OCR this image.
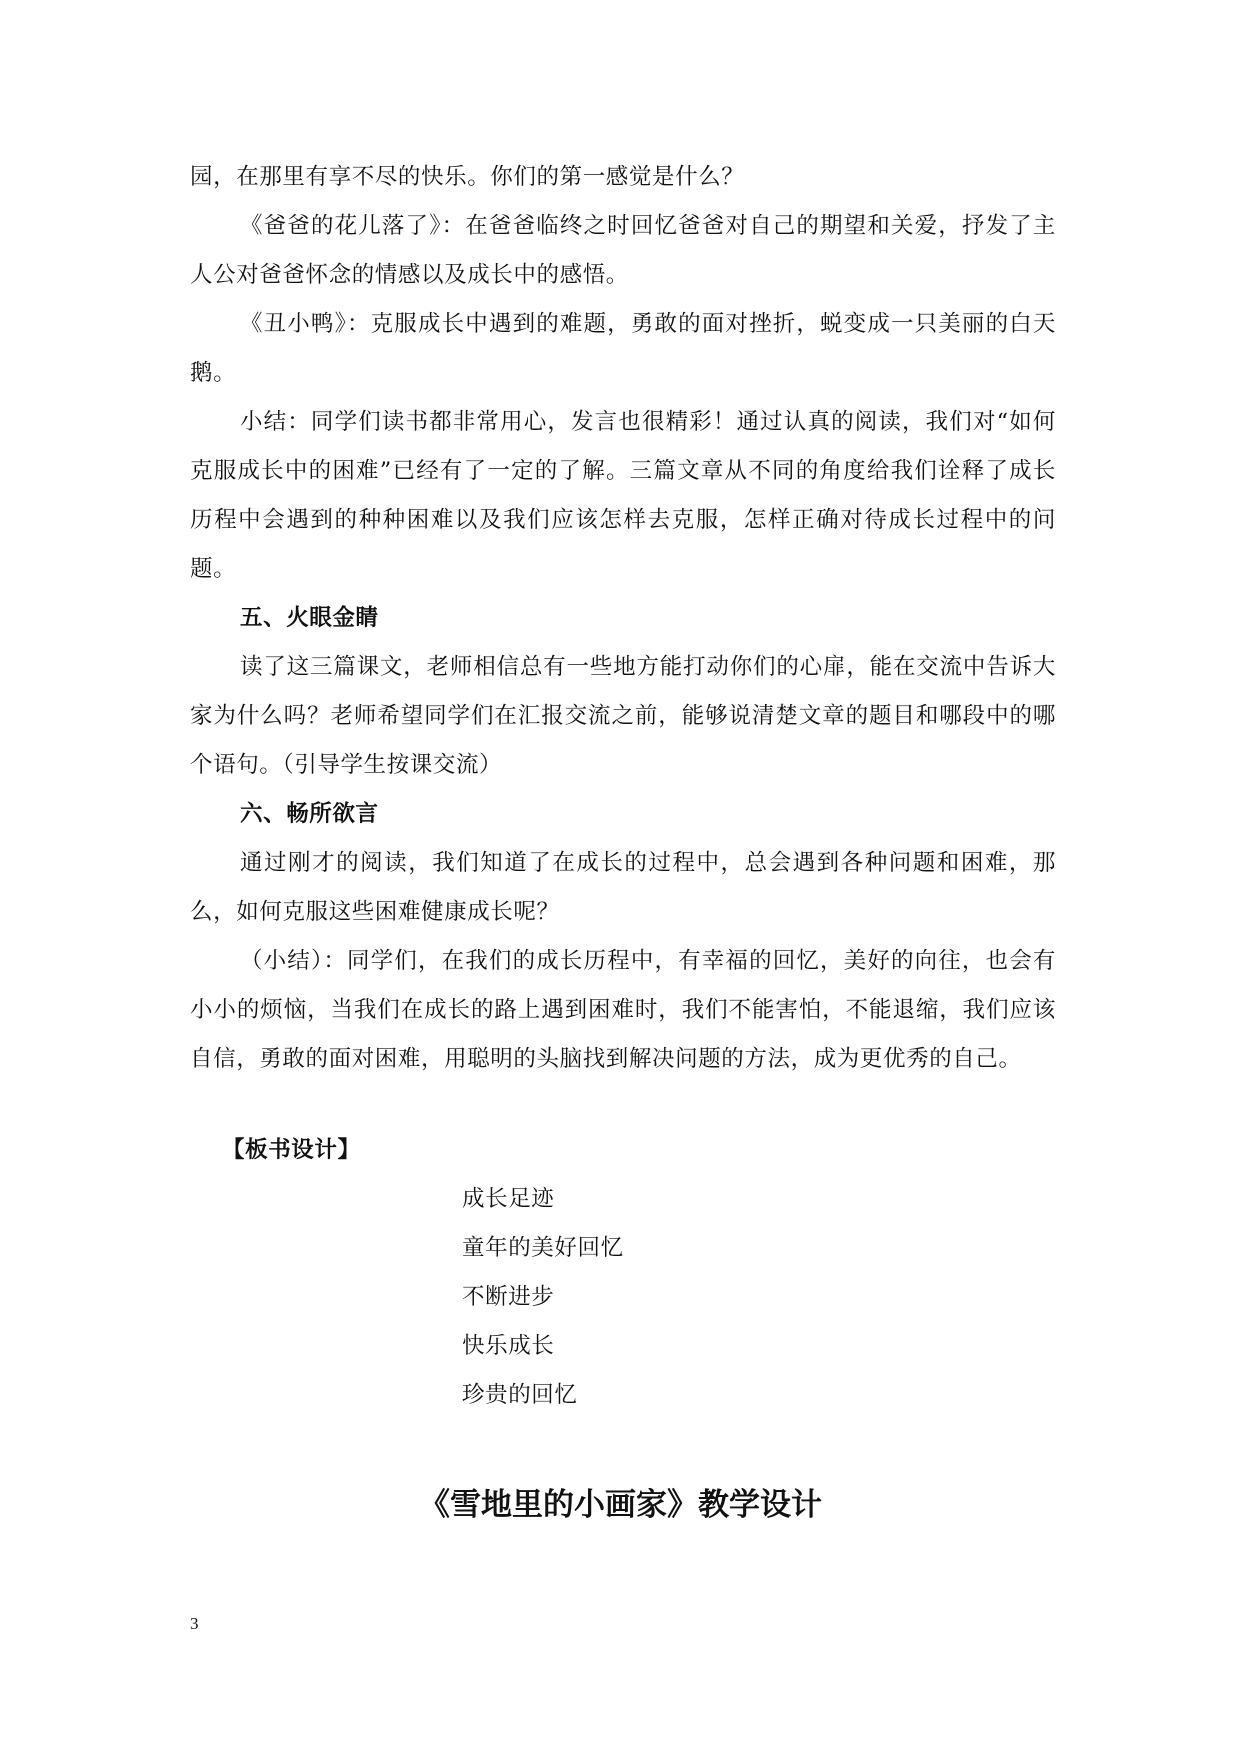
园，在那里有享不尽的快乐。你们的第一感觉是什么？

《爸爸的花儿落了》：在爸爸临终之时回忆爸爸对自己的期望和关爱，抒发了主人公对爸爸怀念的情感以及成长中的感悟。

《丑小鸭》：克服成长中遇到的难题，勇敢的面对挫折，蜕变成一只美丽的白天鹅。

小结：同学们读书都非常用心，发言也很精彩！通过认真的阅读，我们对“如何克服成长中的困难”已经有了一定的了解。三篇文章从不同的角度给我们诠释了成长历程中会遇到的种种困难以及我们应该怎样去克服，怎样正确对待成长过程中的问题。

五、火眼金睛

读了这三篇课文，老师相信总有一些地方能打动你们的心扉，能在交流中告诉大家为什么吗？老师希望同学们在汇报交流之前，能够说清楚文章的题目和哪段中的哪个语句。（引导学生按课交流）

六、畅所欲言

通过刚才的阅读，我们知道了在成长的过程中，总会遇到各种问题和困难，那么，如何克服这些困难健康成长呢？

（小结）：同学们，在我们的成长历程中，有幸福的回忆，美好的向往，也会有小小的烦恼，当我们在成长的路上遇到困难时，我们不能害怕，不能退缩，我们应该自信，勇敢的面对困难，用聪明的头脑找到解决问题的方法，成为更优秀的自己。

【板书设计】
成长足迹
童年的美好回忆
不断进步
快乐成长
珍贵的回忆
《雪地里的小画家》教学设计
3
